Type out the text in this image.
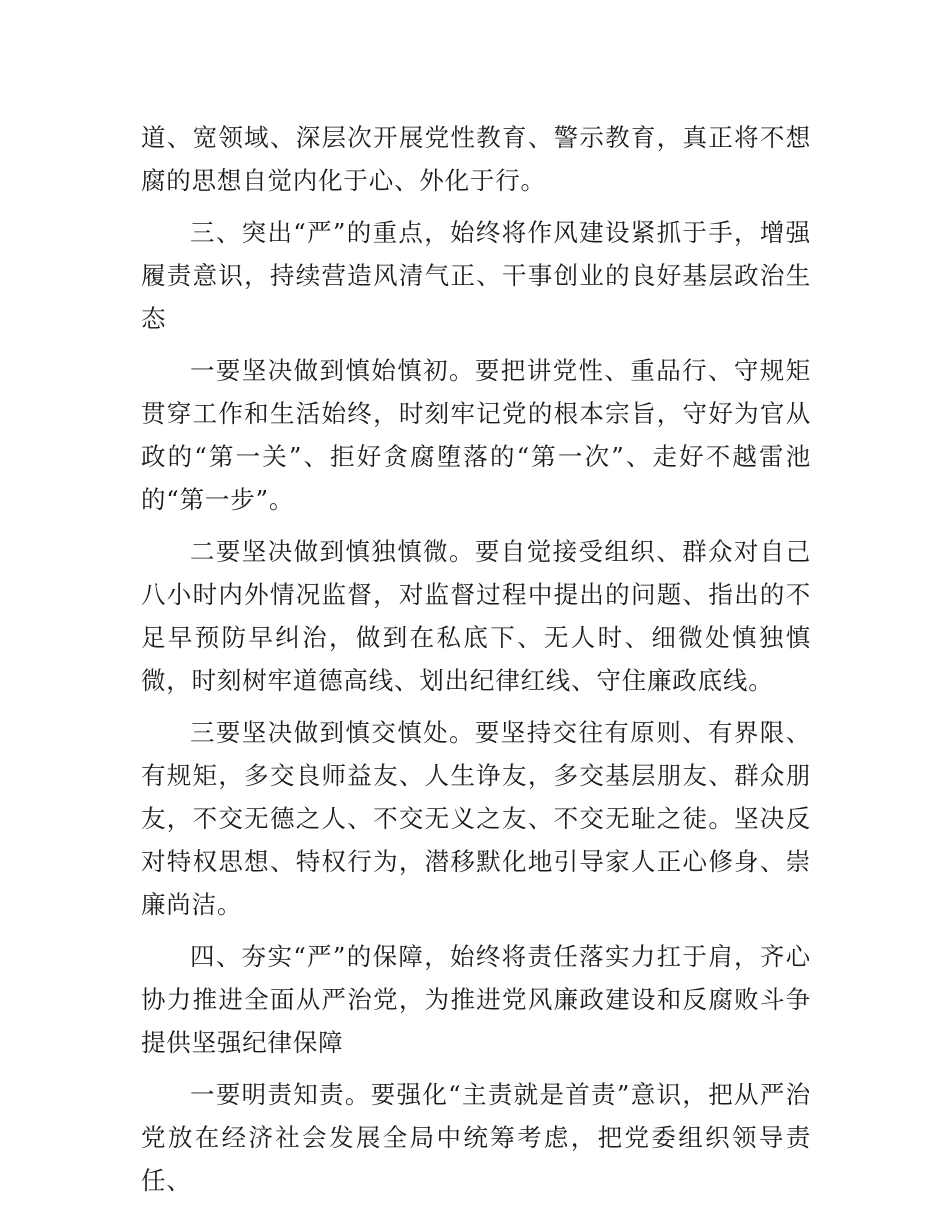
道、宽领域、深层次开展党性教育、警示教育，真正将不想腐的思想自觉内化于心、外化于行。

三、突出“严”的重点，始终将作风建设紧抓于手，增强履责意识，持续营造风清气正、干事创业的良好基层政治生态

一要坚决做到慎始慎初。要把讲党性、重品行、守规矩贯穿工作和生活始终，时刻牢记党的根本宗旨，守好为官从政的“第一关”、拒好贪腐堕落的“第一次”、走好不越雷池的“第一步”。

二要坚决做到慎独慎微。要自觉接受组织、群众对自己八小时内外情况监督，对监督过程中提出的问题、指出的不足早预防早纠治，做到在私底下、无人时、细微处慎独慎微，时刻树牢道德高线、划出纪律红线、守住廉政底线。

三要坚决做到慎交慎处。要坚持交往有原则、有界限、有规矩，多交良师益友、人生诤友，多交基层朋友、群众朋友，不交无德之人、不交无义之友、不交无耻之徒。坚决反对特权思想、特权行为，潜移默化地引导家人正心修身、崇廉尚洁。

四、夯实“严”的保障，始终将责任落实力扛于肩，齐心协力推进全面从严治党，为推进党风廉政建设和反腐败斗争提供坚强纪律保障

一要明责知责。要强化“主责就是首责”意识，把从严治党放在经济社会发展全局中统筹考虑，把党委组织领导责任、
